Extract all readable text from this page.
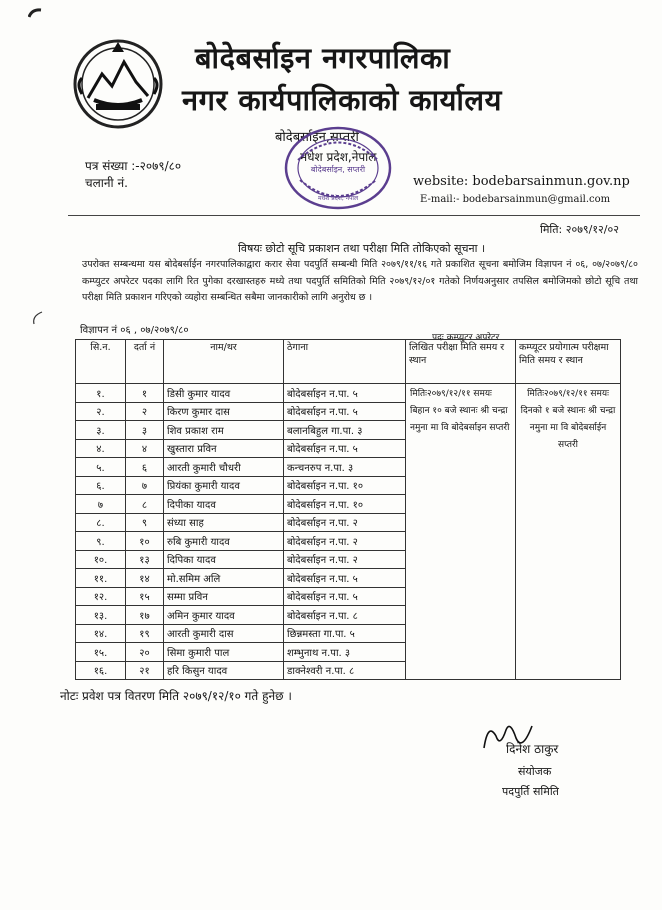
बोदेबर्साइन नगरपालिका
नगर कार्यपालिकाको कार्यालय
बोदेबर्साइन,सप्तरी
मधेश प्रदेश,नेपाल
बोदेबर्साइन, सप्तरी
मधेश प्रदेश, नेपाल
पत्र संख्या :-२०७९/८०
चलानी नं.	website: bodebarsainmun.gov.np
E-mail:- bodebarsainmun@gmail.com
मिति: २०७९/१२/०२
विषयः छोटो सूचि प्रकाशन तथा परीक्षा मिति तोकिएको सूचना ।
उपरोक्त सम्बन्धमा यस बोदेबर्साईन नगरपालिकाद्वारा करार सेवा पदपुर्ति सम्बन्धी मिति २०७९/११/१६ गते प्रकाशित सूचना बमोजिम विज्ञापन नं ०६, ०७/२०७९/८० कम्प्युटर अपरेटर पदका लागि रित पुगेका दरखास्तहरु मध्ये तथा पदपुर्ति समितिको मिति २०७९/१२/०१ गतेको निर्णयअनुसार तपसिल बमोजिमको छोटो सूचि तथा परीक्षा मिति प्रकाशन गरिएको व्यहोरा सम्बन्धित सबैमा जानकारीको लागि अनुरोध छ ।
विज्ञापन नं ०६ , ०७/२०७९/८०
पदः कम्प्युटर अपरेटर
सि.न.	दर्ता नं	नाम/थर	ठेगाना	लिखित परीक्षा मिति समय र स्थान	कम्प्यूटर प्रयोगात्म परीक्षमा मिति समय र स्थान
१.	१	डिसी कुमार यादव	बोदेबर्साइन न.पा. ५	मितिः२०७९/१२/११ समयः बिहान १० बजे स्थानः श्री चन्द्रा नमुना मा वि बोदेबर्साइन सप्तरी	मितिः२०७९/१२/११ समयः दिनको १ बजे स्थानः श्री चन्द्रा नमुना मा वि बोदेबर्साईन सप्तरी
२.	२	किरण कुमार दास	बोदेबर्साइन न.पा. ५		
३.	३	शिव प्रकाश राम	बलानबिहुल गा.पा. ३		
४.	४	खुस्तारा प्रविन	बोदेबर्साइन न.पा. ५		
५.	६	आरती कुमारी चौधरी	कन्चनरुप न.पा. ३		
६.	७	प्रियंका कुमारी यादव	बोदेबर्साइन न.पा. १०		
७	८	दिपीका यादव	बोदेबर्साइन न.पा. १०		
८.	९	संध्या साह	बोदेबर्साइन न.पा. २		
९.	१०	रुबि कुमारी यादव	बोदेबर्साइन न.पा. २		
१०.	१३	दिपिका यादव	बोदेबर्साइन न.पा. २		
११.	१४	मो.समिम अलि	बोदेबर्साइन न.पा. ५		
१२.	१५	सम्मा प्रविन	बोदेबर्साइन न.पा. ५		
१३.	१७	अमिन कुमार यादव	बोदेबर्साइन न.पा. ८		
१४.	१९	आरती कुमारी दास	छिन्नमस्ता गा.पा. ५		
१५.	२०	सिमा कुमारी पाल	शम्भुनाथ न.पा. ३		
१६.	२१	हरि किसुन यादव	डाक्नेश्वरी न.पा. ८		
नोटः प्रवेश पत्र वितरण मिति २०७९/१२/१० गते हुनेछ ।
दिनेश ठाकुर
संयोजक
पदपुर्ति समिति
